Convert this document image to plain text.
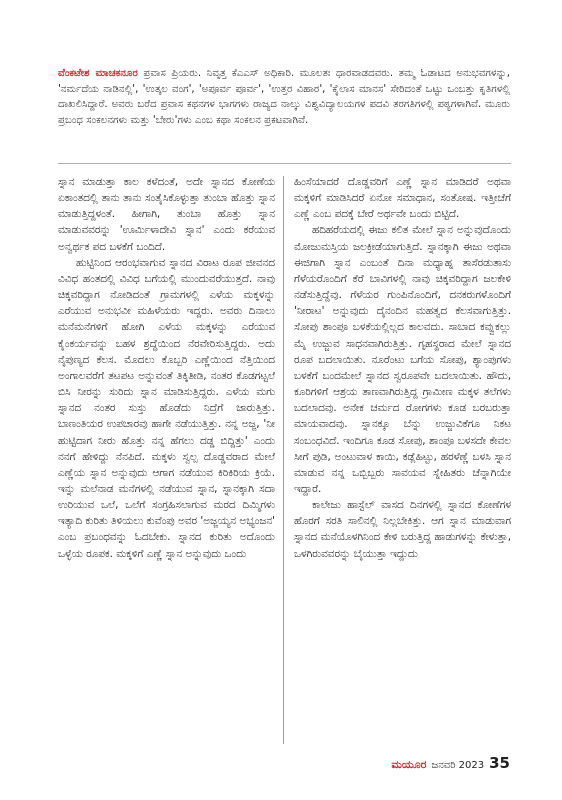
ವೆಂಕಟೇಶ ಮಾಚಕನೂರ ಪ್ರವಾಸ ಪ್ರಿಯರು. ನಿವೃತ್ತ ಕೆಎಎಸ್ ಅಧಿಕಾರಿ. ಮೂಲತಃ ಧಾರವಾಡದವರು. ತಮ್ಮ ಓಡಾಟದ ಅನುಭವಗಳನ್ನು, 'ನರ್ಮದೆಯ ನಾಡಿನಲ್ಲಿ', 'ಉತ್ಕಲ ವಂಗ', 'ಅಪೂರ್ವ ಪೂರ್ವ', 'ಉತ್ತರ ವಿಹಾರ', 'ಕೈಲಾಸ ಮಾನಸ' ಸೇರಿದಂತೆ ಒಟ್ಟು ಒಂಬತ್ತು ಕೃತಿಗಳಲ್ಲಿ ದಾಖಲಿಸಿದ್ದಾರೆ. ಅವರು ಬರೆದ ಪ್ರವಾಸ ಕಥನಗಳ ಭಾಗಗಳು ರಾಜ್ಯದ ನಾಲ್ಕು ವಿಶ್ವವಿದ್ಯಾಲಯಗಳ ಪದವಿ ತರಗತಿಗಳಲ್ಲಿ ಪಠ್ಯಗಳಾಗಿವೆ. ಮೂರು ಪ್ರಬಂಧ ಸಂಕಲನಗಳು ಮತ್ತು 'ಬೇರು'ಗಳು ಎಂಬ ಕಥಾ ಸಂಕಲನ ಪ್ರಕಟವಾಗಿವೆ.

ಸ್ನಾನ ಮಾಡುತ್ತಾ ಕಾಲ ಕಳೆದಂತೆ, ಅದೇ ಸ್ನಾನದ ಕೋಣೆಯ ಏಕಾಂತದಲ್ಲಿ ತಾನು ತಾನು ಸಂತೈಸಿಕೊಳ್ಳುತ್ತಾ ತುಂಬಾ ಹೊತ್ತು ಸ್ನಾನ ಮಾಡುತ್ತಿದ್ದಳಂತೆ. ಹೀಗಾಗಿ, ತುಂಬಾ ಹೊತ್ತು ಸ್ನಾನ ಮಾಡುವವರನ್ನು 'ಊರ್ಮಿಳಾದೇವಿ ಸ್ನಾನ' ಎಂದು ಕರೆಯುವ ಅನ್ವರ್ಥಕ ಪದ ಬಳಕೆಗೆ ಬಂದಿದೆ.

ಹುಟ್ಟಿನಿಂದ ಆರಂಭವಾಗುವ ಸ್ನಾನದ ವಿರಾಟ ರೂಪ ಜೀವನದ ವಿವಿಧ ಹಂತದಲ್ಲಿ ವಿವಿಧ ಬಗೆಯಲ್ಲಿ ಮುಂದುವರೆಯುತ್ತದೆ. ನಾವು ಚಿಕ್ಕವರಿದ್ದಾಗ ನೋಡಿದಂತೆ ಗ್ರಾಮಗಳಲ್ಲಿ ಎಳೆಯ ಮಕ್ಕಳನ್ನು ಎರೆಯುವ ಅನುಭವೀ ಮಹಿಳೆಯರು ಇದ್ದರು. ಅವರು ದಿನಾಲು ಮನೆಮನೆಗಳಿಗೆ ಹೋಗಿ ಎಳೆಯ ಮಕ್ಕಳನ್ನು ಎರೆಯುವ ಕೈಂಕರ್ಯವನ್ನು ಬಹಳ ಶ್ರದ್ಧೆಯಿಂದ ನೆರವೇರಿಸುತ್ತಿದ್ದರು. ಅದು ನೈಪುಣ್ಯದ ಕೆಲಸ. ಮೊದಲು ಕೊಬ್ಬರಿ ಎಣ್ಣೆಯಿಂದ ನೆತ್ತಿಯಿಂದ ಅಂಗಾಲವರೆಗೆ ತಟಪಟ ಅನ್ನುವಂತೆ ತಿಕ್ಕಿತೀಡಿ, ನಂತರ ಕೊಡಗಟ್ಟಲೆ ಬಿಸಿ ನೀರನ್ನು ಸುರಿದು ಸ್ನಾನ ಮಾಡಿಸುತ್ತಿದ್ದರು. ಎಳೆಯ ಮಗು ಸ್ನಾನದ ನಂತರ ಸುಸ್ತು ಹೊಡೆದು ನಿದ್ರೆಗೆ ಜಾರುತ್ತಿತ್ತು. ಬಾಣಂತಿಯರ ಉಪಚಾರವು ಹಾಗೇ ನಡೆಯುತ್ತಿತ್ತು. ನನ್ನ ಅಜ್ಜ, 'ನೀ ಹುಟ್ಟಿದಾಗ ನೀರು ಹೊತ್ತು ನನ್ನ ಹೆಗಲು ದಡ್ಡ ಬಿದ್ದಿತ್ತು' ಎಂದು ನನಗೆ ಹೇಳಿದ್ದು ನೆನಪಿದೆ. ಮಕ್ಕಳು ಸ್ವಲ್ಪ ದೊಡ್ಡವರಾದ ಮೇಲೆ ಎಣ್ಣೆಯ ಸ್ನಾನ ಅನ್ನುವುದು ಆಗಾಗ ನಡೆಯುವ ಕಿರಿಕಿರಿಯ ಕ್ರಿಯೆ. ಇನ್ನು ಮಲೆನಾಡ ಮನೆಗಳಲ್ಲಿ ನಡೆಯುವ ಸ್ನಾನ, ಸ್ನಾನಕ್ಕಾಗಿ ಸದಾ ಉರಿಯುವ ಒಲೆ, ಒಲೆಗೆ ಸಂಗ್ರಹಿಸಲಾಗುವ ಮರದ ದಿಮ್ಮಿಗಳು ಇತ್ಯಾದಿ ಕುರಿತು ತಿಳಿಯಲು ಕುವೆಂಪು ಅವರ 'ಅಜ್ಜಯ್ಯನ ಅಭ್ಯಂಜನ' ಎಂಬ ಪ್ರಬಂಧವನ್ನು ಓದಬೇಕು. ಸ್ನಾನದ ಕುರಿತು ಅದೊಂದು ಒಳ್ಳೆಯ ರೂಪಕ. ಮಕ್ಕಳಿಗೆ ಎಣ್ಣೆ ಸ್ನಾನ ಅನ್ನುವುದು ಒಂದು

ಹಿಂಸೆಯಾದರೆ ದೊಡ್ಡವರಿಗೆ ಎಣ್ಣೆ ಸ್ನಾನ ಮಾಡಿದರೆ ಅಥವಾ ಮಕ್ಕಳಿಗೆ ಮಾಡಿಸಿದರೆ ಏನೋ ಸಮಾಧಾನ, ಸಂತೋಷ. ಇತ್ತೀಚೆಗೆ ಎಣ್ಣೆ ಎಂಬ ಪದಕ್ಕೆ ಬೇರೆ ಅರ್ಥವೇ ಬಂದು ಬಿಟ್ಟಿದೆ.

ಹದಿಹರೆಯದಲ್ಲಿ ಈಜು ಕಲಿತ ಮೇಲೆ ಸ್ನಾನ ಅನ್ನುವುದೊಂದು ಮೋಜುಮಸ್ತಿಯ ಜಲಕ್ರೀಡೆಯಾಗುತ್ತಿದೆ. ಸ್ನಾನಕ್ಕಾಗಿ ಈಜು ಅಥವಾ ಈಜಿಗಾಗಿ ಸ್ನಾನ ಎಂಬಂತೆ ದಿನಾ ಮಧ್ಯಾಹ್ನ ತಾಸೆರಡುತಾಸು ಗೆಳೆಯರೊಂದಿಗೆ ಕೆರೆ ಬಾವಿಗಳಲ್ಲಿ ನಾವು ಚಿಕ್ಕವರಿದ್ದಾಗ ಜಲಕೇಳಿ ನಡೆಸುತ್ತಿದ್ದೆವು. ಗೆಳೆಯರ ಗುಂಪಿನೊಂದಿಗೆ, ದನಕರುಗಳೊಂದಿಗೆ 'ನೀರಾಟ' ಅನ್ನುವುದು ದೈನಂದಿನ ಮಹತ್ವದ ಕೆಲಸವಾಗುತ್ತಿತ್ತು. ಸೋಪು ಶಾಂಪೂ ಬಳಕೆಯಲ್ಲಿಲ್ಲದ ಕಾಲವದು. ಸಾಬಾದ ಕವ್ವುಕಲ್ಲು ಮೈ ಉಜ್ಜುವ ಸಾಧನವಾಗಿರುತ್ತಿತ್ತು. ಗೃಹಸ್ಥರಾದ ಮೇಲೆ ಸ್ನಾನದ ರೂಪ ಬದಲಾಯಿತು. ನೂರೆಂಟು ಬಗೆಯ ಸೋಪು, ಶ್ಯಾಂಪುಗಳು ಬಳಕೆಗೆ ಬಂದಮೇಲೆ ಸ್ನಾನದ ಸ್ವರೂಪವೇ ಬದಲಾಯಿತು. ಹೌದು, ಕೂರಿಗಳಿಗೆ ಆಶ್ರಯ ತಾಣವಾಗಿರುತ್ತಿದ್ದ ಗ್ರಾಮೀಣ ಮಕ್ಕಳ ತಲೆಗಳು ಬದಲಾದವು. ಅನೇಕ ಚರ್ಮದ ರೋಗಗಳು ಕೂಡ ಬರಬರುತ್ತಾ ಮಾಯವಾದವು. ಸ್ನಾನಕ್ಕೂ ಬೆನ್ನು ಉಜ್ಜುವಿಕೆಗೂ ನಿಕಟ ಸಂಬಂಧವಿದೆ. ಇಂದಿಗೂ ಕೂಡ ಸೋಪು, ಶಾಂಪೂ ಬಳಸದೇ ಕೇವಲ ಸೀಗೆ ಪುಡಿ, ಅಂಟುವಾಳ ಕಾಯಿ, ಕಡ್ಲೆಹಿಟ್ಟು, ಹರಳೆಣ್ಣೆ ಬಳಸಿ ಸ್ನಾನ ಮಾಡುವ ನನ್ನ ಒಬ್ಬಿಬ್ಬರು ಸಾವಯವ ಸ್ನೇಹಿತರು ಚೆನ್ನಾಗಿಯೇ ಇದ್ದಾರೆ.

ಕಾಲೇಜು ಹಾಸ್ಟೆಲ್ ವಾಸದ ದಿನಗಳಲ್ಲಿ ಸ್ನಾನದ ಕೋಣೆಗಳ ಹೊರಗೆ ಸರತಿ ಸಾಲಿನಲ್ಲಿ ನಿಲ್ಲಬೇಕಿತ್ತು. ಆಗ ಸ್ನಾನ ಮಾಡುವಾಗ ಸ್ನಾನದ ಮನೆಯೊಳಗಿನಿಂದ ಕೇಳಿ ಬರುತ್ತಿದ್ದ ಹಾಡುಗಳನ್ನು ಕೇಳುತ್ತಾ, ಒಳಗಿರುವವರನ್ನು ಬೈಯುತ್ತಾ ಇದ್ದುದು

ಮಯೂರ ಜನವರಿ 2023 35
